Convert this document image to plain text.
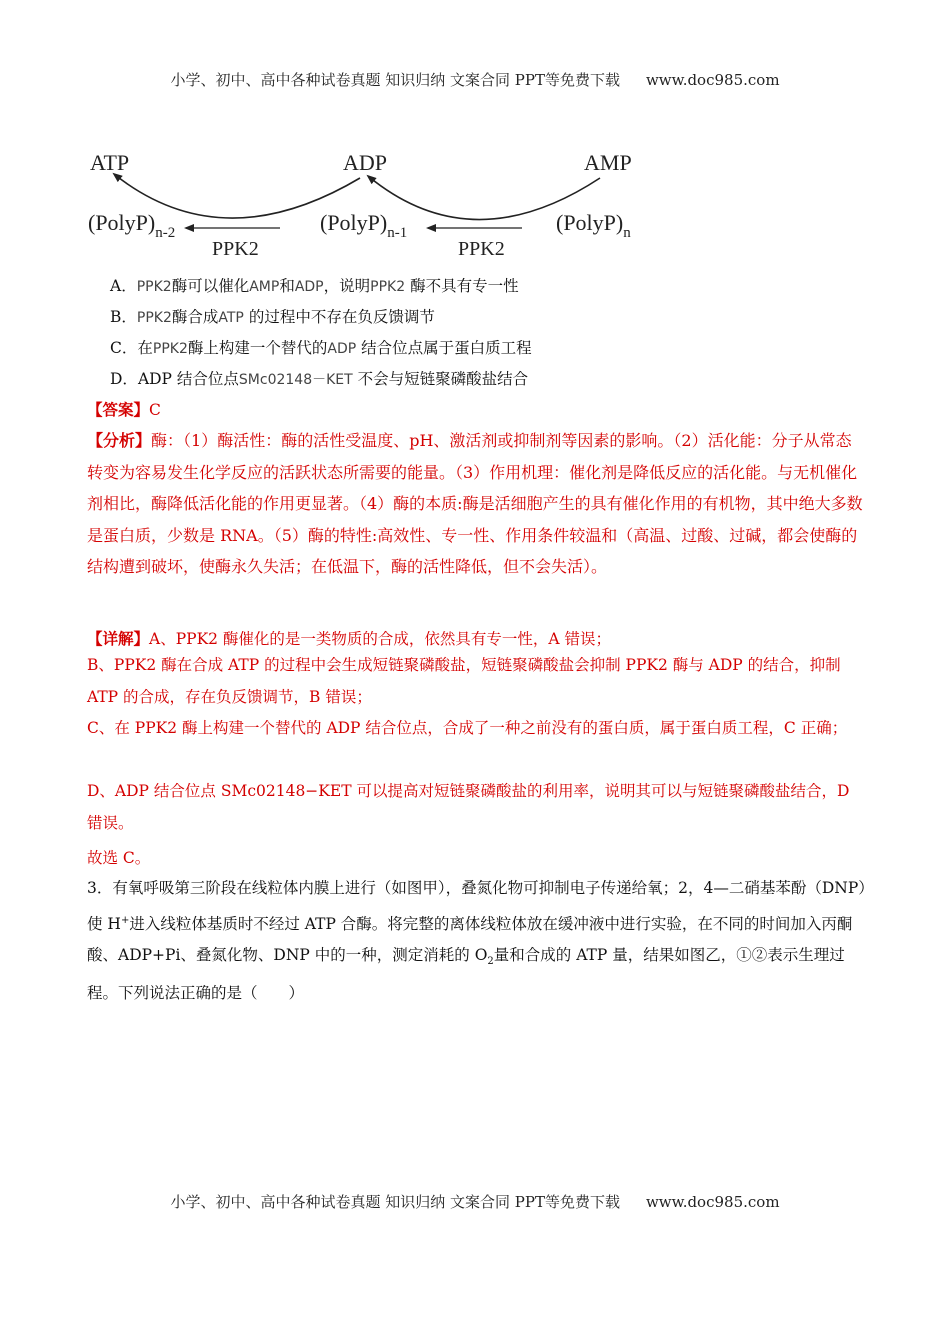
小学、初中、高中各种试卷真题 知识归纳 文案合同 PPT等免费下载 www.doc985.com
ATP	ADP	AMP
$(PolyP)_{n-2}$	$(PolyP)_{n-1}$	$(PolyP)_n$
PPK2	PPK2
A．PPK2酶可以催化AMP和ADP，说明PPK2 酶不具有专一性
B．PPK2酶合成ATP 的过程中不存在负反馈调节
C．在PPK2酶上构建一个替代的ADP 结合位点属于蛋白质工程
D．ADP 结合位点SMc02148－KET 不会与短链聚磷酸盐结合
【答案】C
【分析】酶：（1）酶活性：酶的活性受温度、pH、激活剂或抑制剂等因素的影响。（2）活化能：分子从常态转变为容易发生化学反应的活跃状态所需要的能量。（3）作用机理：催化剂是降低反应的活化能。与无机催化剂相比，酶降低活化能的作用更显著。（4）酶的本质:酶是活细胞产生的具有催化作用的有机物，其中绝大多数是蛋白质，少数是 RNA。（5）酶的特性:高效性、专一性、作用条件较温和（高温、过酸、过碱，都会使酶的结构遭到破坏，使酶永久失活；在低温下，酶的活性降低，但不会失活）。
【详解】A、PPK2 酶催化的是一类物质的合成，依然具有专一性，A 错误；
B、PPK2 酶在合成 ATP 的过程中会生成短链聚磷酸盐，短链聚磷酸盐会抑制 PPK2 酶与 ADP 的结合，抑制 ATP 的合成，存在负反馈调节，B 错误；
C、在 PPK2 酶上构建一个替代的 ADP 结合位点，合成了一种之前没有的蛋白质，属于蛋白质工程，C 正确；
D、ADP 结合位点 SMc02148−KET 可以提高对短链聚磷酸盐的利用率，说明其可以与短链聚磷酸盐结合，D 错误。
故选 C。
3．有氧呼吸第三阶段在线粒体内膜上进行（如图甲），叠氮化物可抑制电子传递给氧；2，4—二硝基苯酚（DNP）使 H+进入线粒体基质时不经过 ATP 合酶。将完整的离体线粒体放在缓冲液中进行实验，在不同的时间加入丙酮酸、ADP+Pi、叠氮化物、DNP 中的一种，测定消耗的 $O_2$量和合成的 ATP 量，结果如图乙，①②表示生理过程。下列说法正确的是（　　）
小学、初中、高中各种试卷真题 知识归纳 文案合同 PPT等免费下载 www.doc985.com
